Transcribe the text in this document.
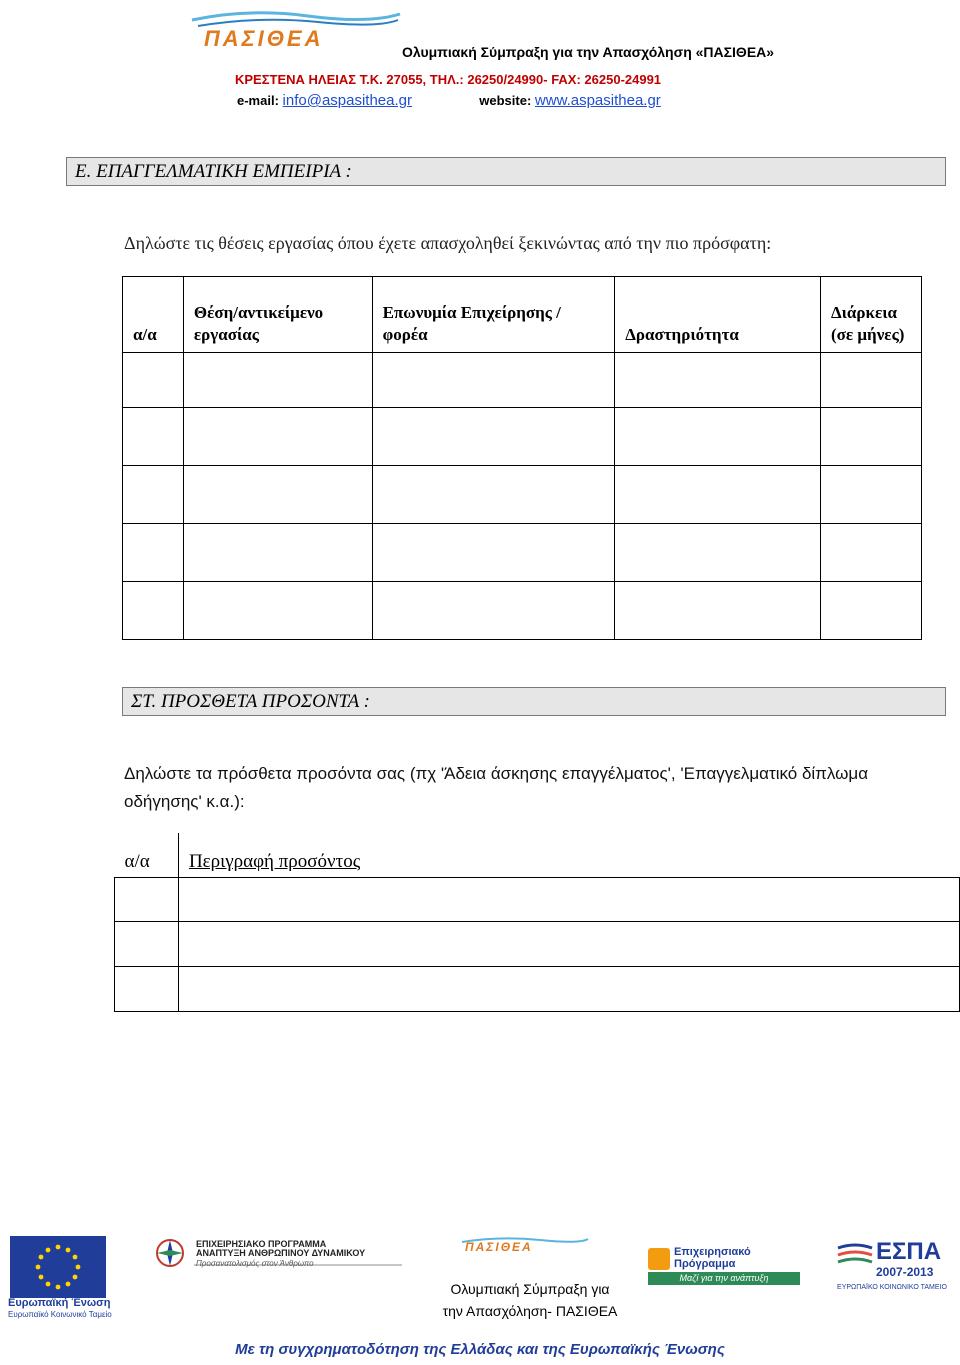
ΠΑΣΙΘΕΑ
Ολυμπιακή Σύμπραξη για την Απασχόληση «ΠΑΣΙΘΕΑ»
ΚΡΕΣΤΕΝΑ ΗΛΕΙΑΣ Τ.Κ. 27055, ΤΗΛ.: 26250/24990- FAX: 26250-24991
e-mail: info@aspasithea.gr	website: www.aspasithea.gr
Ε. ΕΠΑΓΓΕΛΜΑΤΙΚΗ ΕΜΠΕΙΡΙΑ :
Δηλώστε τις θέσεις εργασίας όπου έχετε απασχοληθεί ξεκινώντας από την πιο πρόσφατη:
α/α	Θέση/αντικείμενο εργασίας	Επωνυμία Επιχείρησης / φορέα	Δραστηριότητα	Διάρκεια (σε μήνες)

ΣΤ. ΠΡΟΣΘΕΤΑ ΠΡΟΣΟΝΤΑ :
Δηλώστε τα πρόσθετα προσόντα σας (πχ 'Άδεια άσκησης επαγγέλματος', 'Επαγγελματικό δίπλωμα οδήγησης' κ.α.):
α/α	Περιγραφή προσόντος

Ευρωπαϊκή Ένωση
Ευρωπαϊκό Κοινωνικό Ταμείο
ΕΠΙΧΕΙΡΗΣΙΑΚΟ ΠΡΟΓΡΑΜΜΑ
ΑΝΑΠΤΥΞΗ ΑΝΘΡΩΠΙΝΟΥ ΔΥΝΑΜΙΚΟΥ
Προσανατολισμός στον Άνθρωπο
ΠΑΣΙΘΕΑ
Ολυμπιακή Σύμπραξη για
την Απασχόληση- ΠΑΣΙΘΕΑ
Επιχειρησιακό Πρόγραμμα
Μαζί για την ανάπτυξη
ΕΣΠΑ
2007-2013
ΕΥΡΩΠΑΪΚΟ ΚΟΙΝΩΝΙΚΟ ΤΑΜΕΙΟ
Με τη συγχρηματοδότηση της Ελλάδας και της Ευρωπαϊκής Ένωσης
